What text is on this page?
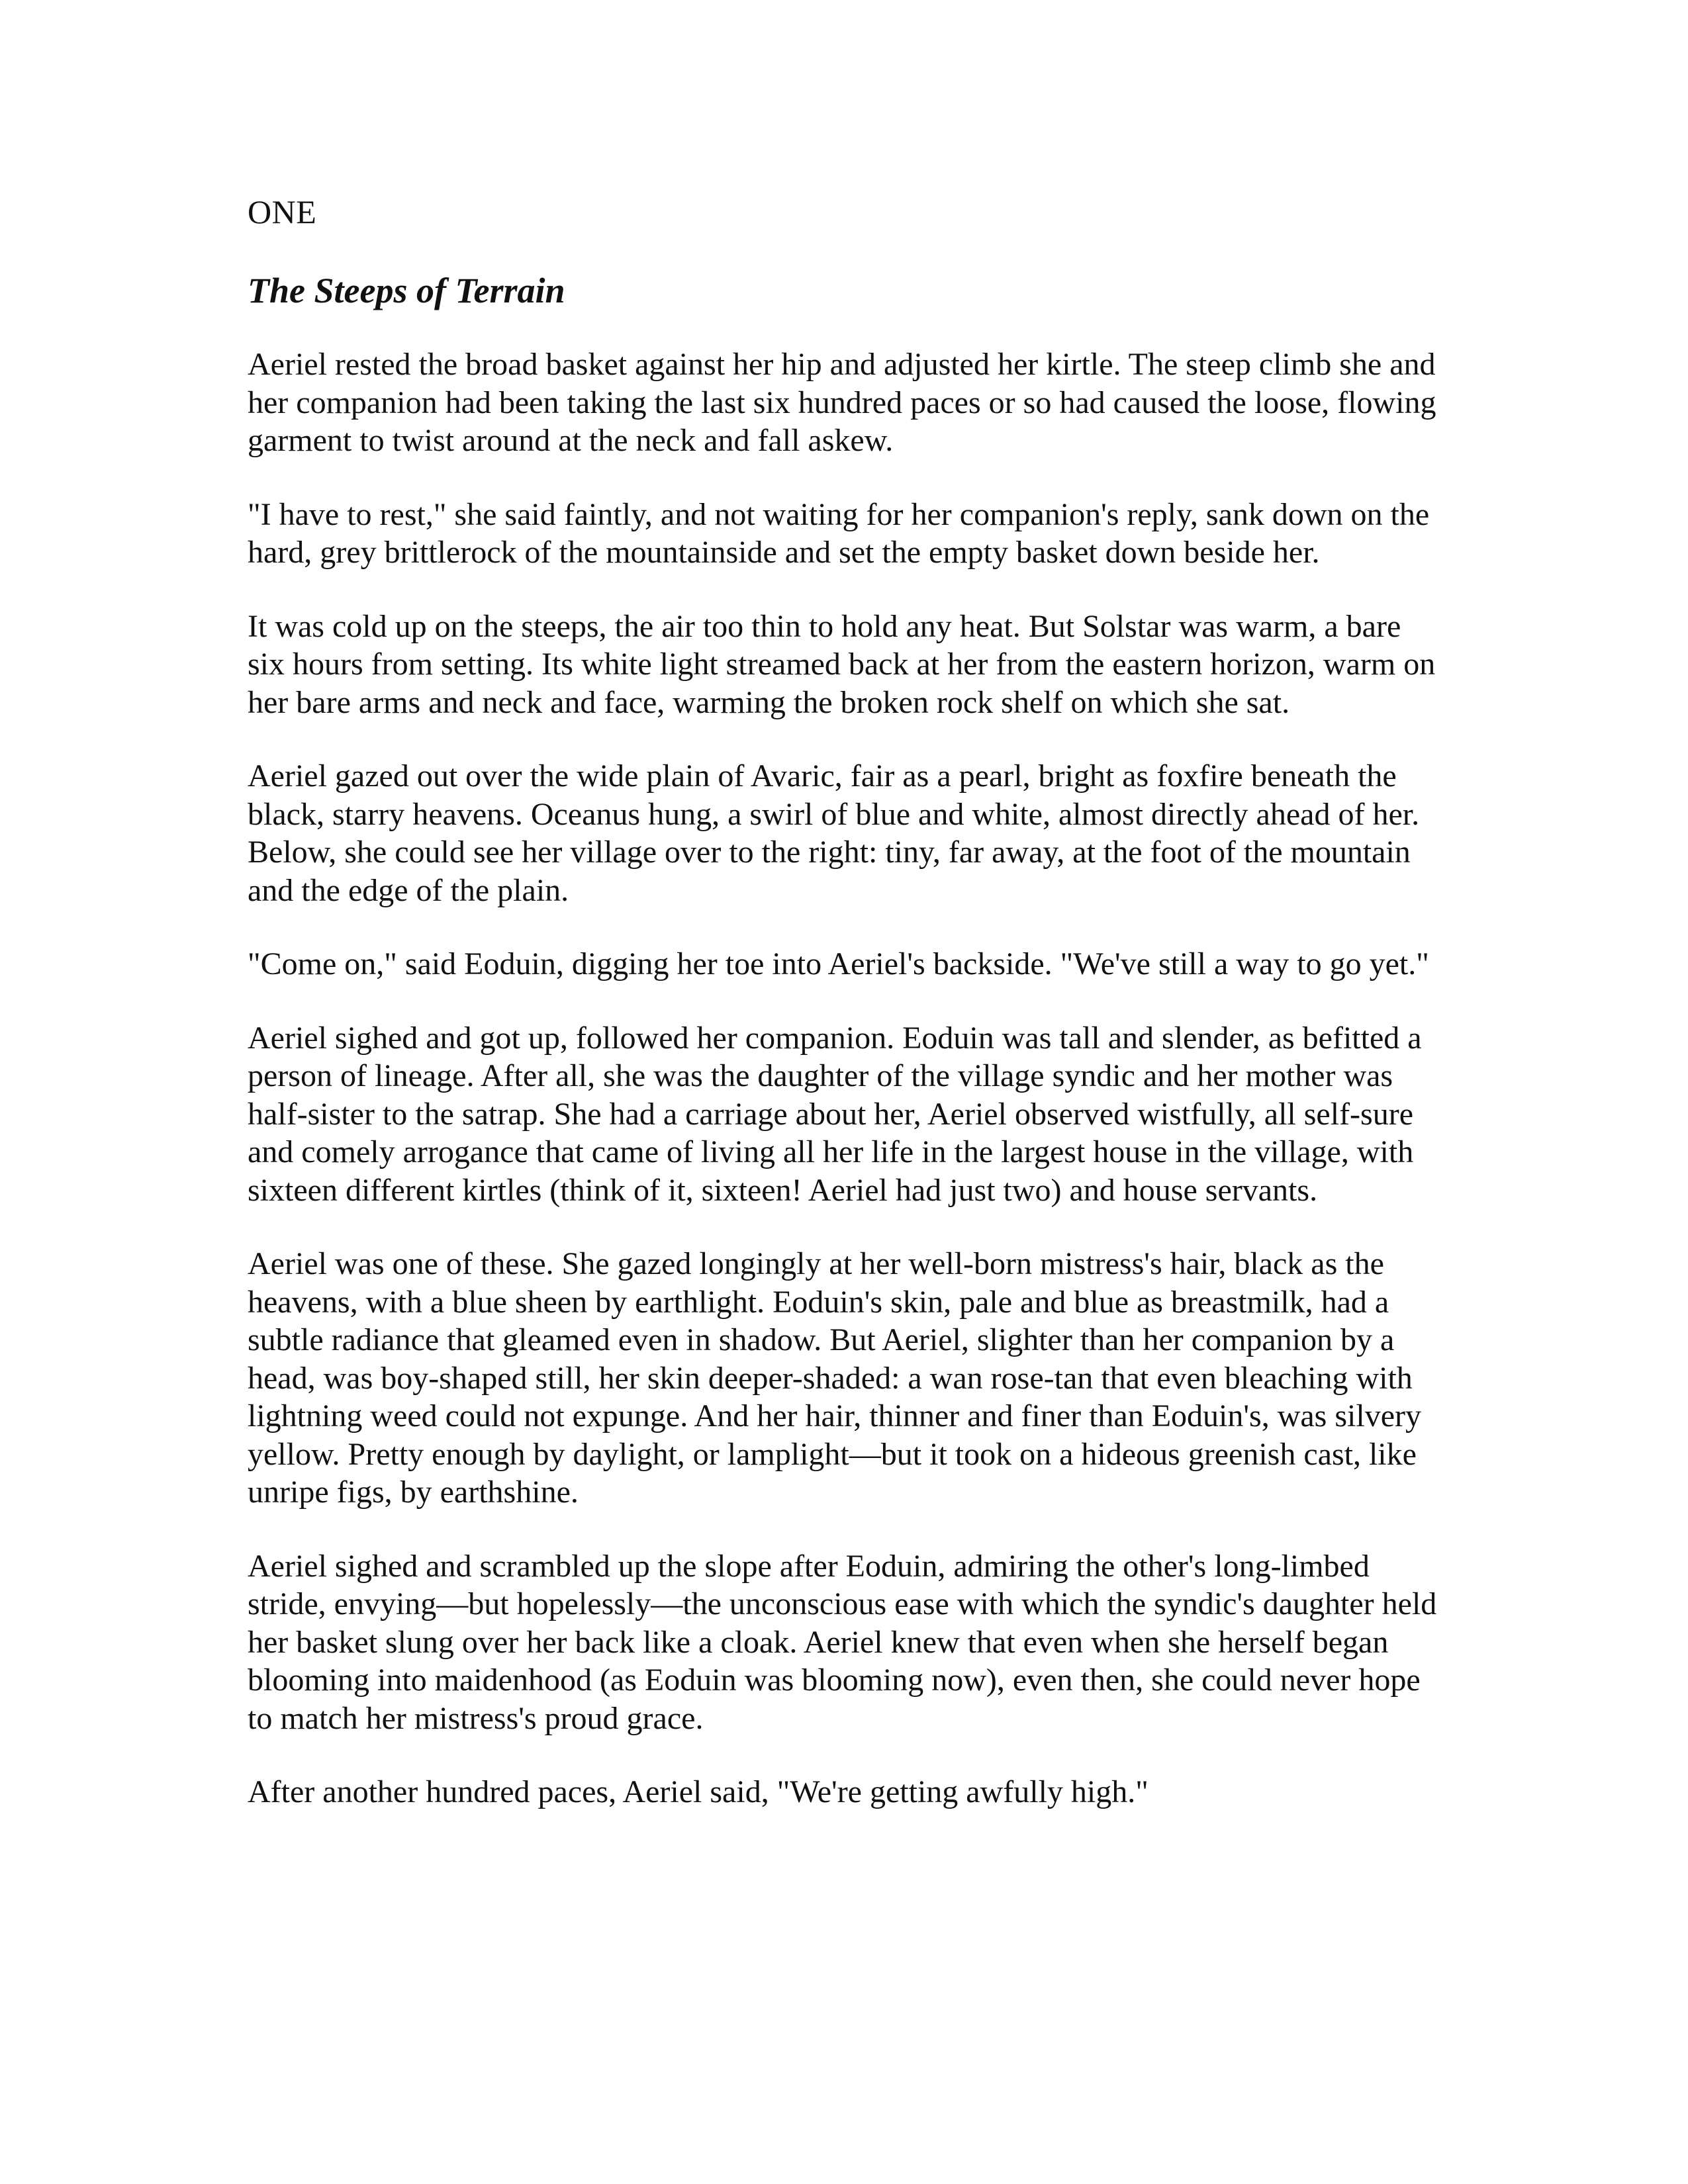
ONE
The Steeps of Terrain

Aeriel rested the broad basket against her hip and adjusted her kirtle. The steep climb she and her companion had been taking the last six hundred paces or so had caused the loose, flowing garment to twist around at the neck and fall askew.

"I have to rest," she said faintly, and not waiting for her companion's reply, sank down on the hard, grey brittlerock of the mountainside and set the empty basket down beside her.

It was cold up on the steeps, the air too thin to hold any heat. But Solstar was warm, a bare six hours from setting. Its white light streamed back at her from the eastern horizon, warm on her bare arms and neck and face, warming the broken rock shelf on which she sat.

Aeriel gazed out over the wide plain of Avaric, fair as a pearl, bright as foxfire beneath the black, starry heavens. Oceanus hung, a swirl of blue and white, almost directly ahead of her. Below, she could see her village over to the right: tiny, far away, at the foot of the mountain and the edge of the plain.

"Come on," said Eoduin, digging her toe into Aeriel's backside. "We've still a way to go yet."

Aeriel sighed and got up, followed her companion. Eoduin was tall and slender, as befitted a person of lineage. After all, she was the daughter of the village syndic and her mother was half-sister to the satrap. She had a carriage about her, Aeriel observed wistfully, all self-sure and comely arrogance that came of living all her life in the largest house in the village, with sixteen different kirtles (think of it, sixteen! Aeriel had just two) and house servants.

Aeriel was one of these. She gazed longingly at her well-born mistress's hair, black as the heavens, with a blue sheen by earthlight. Eoduin's skin, pale and blue as breastmilk, had a subtle radiance that gleamed even in shadow. But Aeriel, slighter than her companion by a head, was boy-shaped still, her skin deeper-shaded: a wan rose-tan that even bleaching with lightning weed could not expunge. And her hair, thinner and finer than Eoduin's, was silvery yellow. Pretty enough by daylight, or lamplight—but it took on a hideous greenish cast, like unripe figs, by earthshine.

Aeriel sighed and scrambled up the slope after Eoduin, admiring the other's long-limbed stride, envying—but hopelessly—the unconscious ease with which the syndic's daughter held her basket slung over her back like a cloak. Aeriel knew that even when she herself began blooming into maidenhood (as Eoduin was blooming now), even then, she could never hope to match her mistress's proud grace.

After another hundred paces, Aeriel said, "We're getting awfully high."
